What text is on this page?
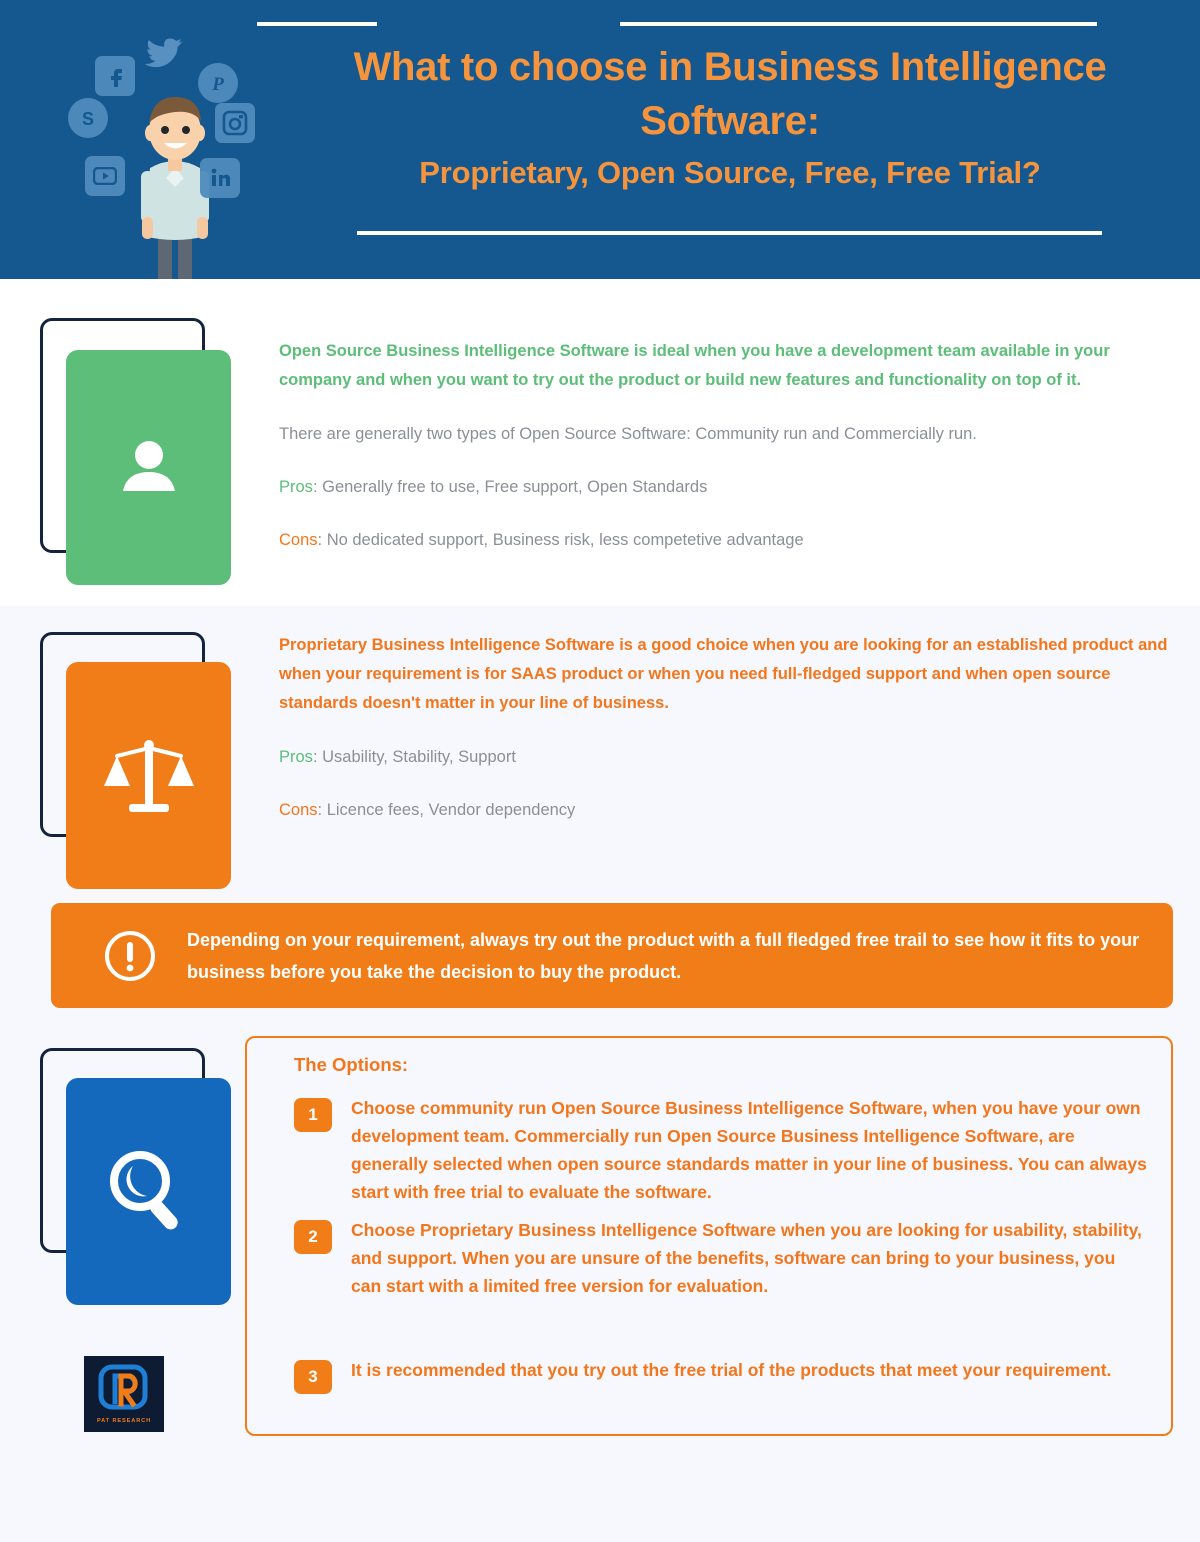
What to choose in Business Intelligence Software:
Proprietary, Open Source, Free, Free Trial?
P
S
Open Source Business Intelligence Software is ideal when you have a development team available in your company and when you want to try out the product or build new features and functionality on top of it.
There are generally two types of Open Source Software: Community run and Commercially run.
Pros: Generally free to use, Free support, Open Standards
Cons: No dedicated support, Business risk, less competetive advantage
Proprietary Business Intelligence Software is a good choice when you are looking for an established product and when your requirement is for SAAS product or when you need full-fledged support and when open source standards doesn't matter in your line of business.
Pros: Usability, Stability, Support
Cons: Licence fees, Vendor dependency
Depending on your requirement, always try out the product with a full fledged free trail to see how it fits to your business before you take the decision to buy the product.
The Options:
1	Choose community run Open Source Business Intelligence Software, when you have your own development team. Commercially run Open Source Business Intelligence Software, are generally selected when open source standards matter in your line of business. You can always start with free trial to evaluate the software.
2	Choose Proprietary Business Intelligence Software when you are looking for usability, stability, and support. When you are unsure of the benefits, software can bring to your business, you can start with a limited free version for evaluation.
3	It is recommended that you try out the free trial of the products that meet your requirement.
PAT RESEARCH
